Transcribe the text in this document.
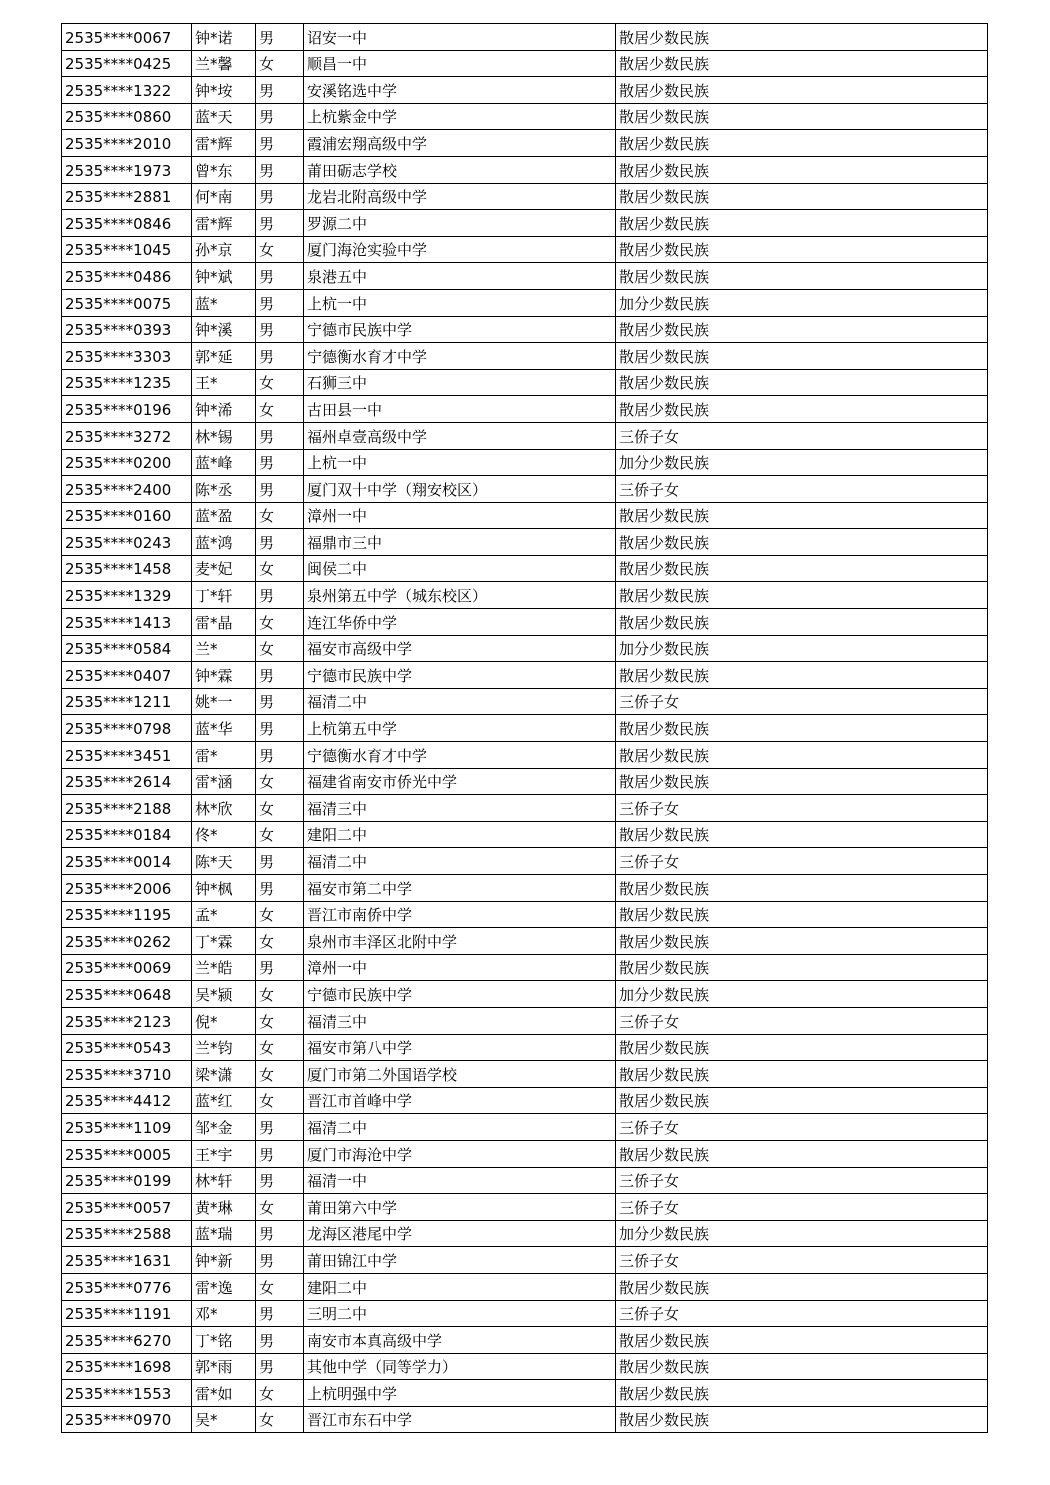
2535****0067	钟*诺	男	诏安一中	散居少数民族
2535****0425	兰*馨	女	顺昌一中	散居少数民族
2535****1322	钟*垵	男	安溪铭选中学	散居少数民族
2535****0860	蓝*天	男	上杭紫金中学	散居少数民族
2535****2010	雷*辉	男	霞浦宏翔高级中学	散居少数民族
2535****1973	曾*东	男	莆田砺志学校	散居少数民族
2535****2881	何*南	男	龙岩北附高级中学	散居少数民族
2535****0846	雷*辉	男	罗源二中	散居少数民族
2535****1045	孙*京	女	厦门海沧实验中学	散居少数民族
2535****0486	钟*斌	男	泉港五中	散居少数民族
2535****0075	蓝*	男	上杭一中	加分少数民族
2535****0393	钟*溪	男	宁德市民族中学	散居少数民族
2535****3303	郭*延	男	宁德衡水育才中学	散居少数民族
2535****1235	王*	女	石狮三中	散居少数民族
2535****0196	钟*浠	女	古田县一中	散居少数民族
2535****3272	林*锡	男	福州卓壹高级中学	三侨子女
2535****0200	蓝*峰	男	上杭一中	加分少数民族
2535****2400	陈*丞	男	厦门双十中学（翔安校区）	三侨子女
2535****0160	蓝*盈	女	漳州一中	散居少数民族
2535****0243	蓝*鸿	男	福鼎市三中	散居少数民族
2535****1458	麦*妃	女	闽侯二中	散居少数民族
2535****1329	丁*轩	男	泉州第五中学（城东校区）	散居少数民族
2535****1413	雷*晶	女	连江华侨中学	散居少数民族
2535****0584	兰*	女	福安市高级中学	加分少数民族
2535****0407	钟*霖	男	宁德市民族中学	散居少数民族
2535****1211	姚*一	男	福清二中	三侨子女
2535****0798	蓝*华	男	上杭第五中学	散居少数民族
2535****3451	雷*	男	宁德衡水育才中学	散居少数民族
2535****2614	雷*涵	女	福建省南安市侨光中学	散居少数民族
2535****2188	林*欣	女	福清三中	三侨子女
2535****0184	佟*	女	建阳二中	散居少数民族
2535****0014	陈*天	男	福清二中	三侨子女
2535****2006	钟*枫	男	福安市第二中学	散居少数民族
2535****1195	孟*	女	晋江市南侨中学	散居少数民族
2535****0262	丁*霖	女	泉州市丰泽区北附中学	散居少数民族
2535****0069	兰*皓	男	漳州一中	散居少数民族
2535****0648	吴*颍	女	宁德市民族中学	加分少数民族
2535****2123	倪*	女	福清三中	三侨子女
2535****0543	兰*钧	女	福安市第八中学	散居少数民族
2535****3710	梁*潇	女	厦门市第二外国语学校	散居少数民族
2535****4412	蓝*红	女	晋江市首峰中学	散居少数民族
2535****1109	邹*金	男	福清二中	三侨子女
2535****0005	王*宇	男	厦门市海沧中学	散居少数民族
2535****0199	林*轩	男	福清一中	三侨子女
2535****0057	黄*琳	女	莆田第六中学	三侨子女
2535****2588	蓝*瑞	男	龙海区港尾中学	加分少数民族
2535****1631	钟*新	男	莆田锦江中学	三侨子女
2535****0776	雷*逸	女	建阳二中	散居少数民族
2535****1191	邓*	男	三明二中	三侨子女
2535****6270	丁*铭	男	南安市本真高级中学	散居少数民族
2535****1698	郭*雨	男	其他中学（同等学力）	散居少数民族
2535****1553	雷*如	女	上杭明强中学	散居少数民族
2535****0970	吴*	女	晋江市东石中学	散居少数民族
